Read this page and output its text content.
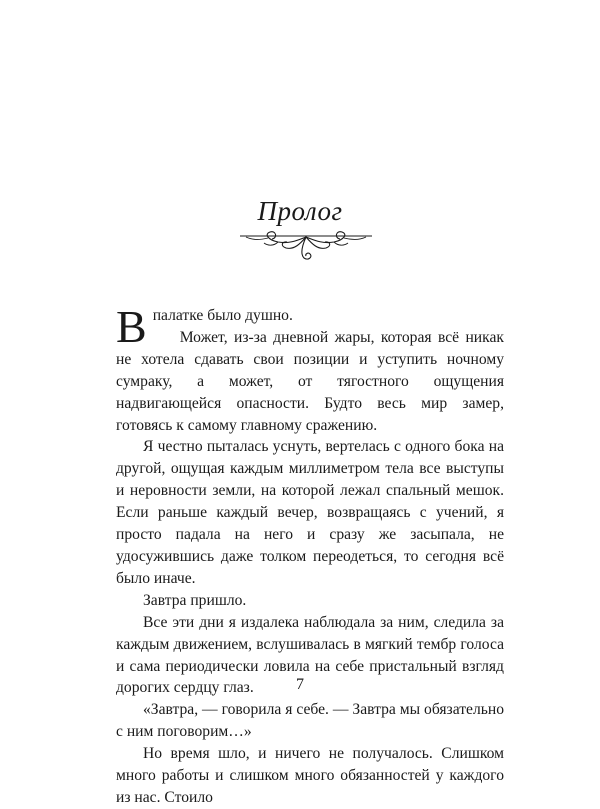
Пролог

В палатке было душно.

Может, из-за дневной жары, которая всё никак не хотела сдавать свои позиции и уступить ночному сумраку, а может, от тягостного ощущения надвигающейся опасности. Будто весь мир замер, готовясь к самому главному сражению.

Я честно пыталась уснуть, вертелась с одного бока на другой, ощущая каждым миллиметром тела все выступы и неровности земли, на которой лежал спальный мешок. Если раньше каждый вечер, возвращаясь с учений, я просто падала на него и сразу же засыпала, не удосужившись даже толком переодеться, то сегодня всё было иначе.

Завтра пришло.

Все эти дни я издалека наблюдала за ним, следила за каждым движением, вслушивалась в мягкий тембр голоса и сама периодически ловила на себе пристальный взгляд дорогих сердцу глаз.

«Завтра, — говорила я себе. — Завтра мы обязательно с ним поговорим…»

Но время шло, и ничего не получалось. Слишком много работы и слишком много обязанностей у каждого из нас. Стоило

7
